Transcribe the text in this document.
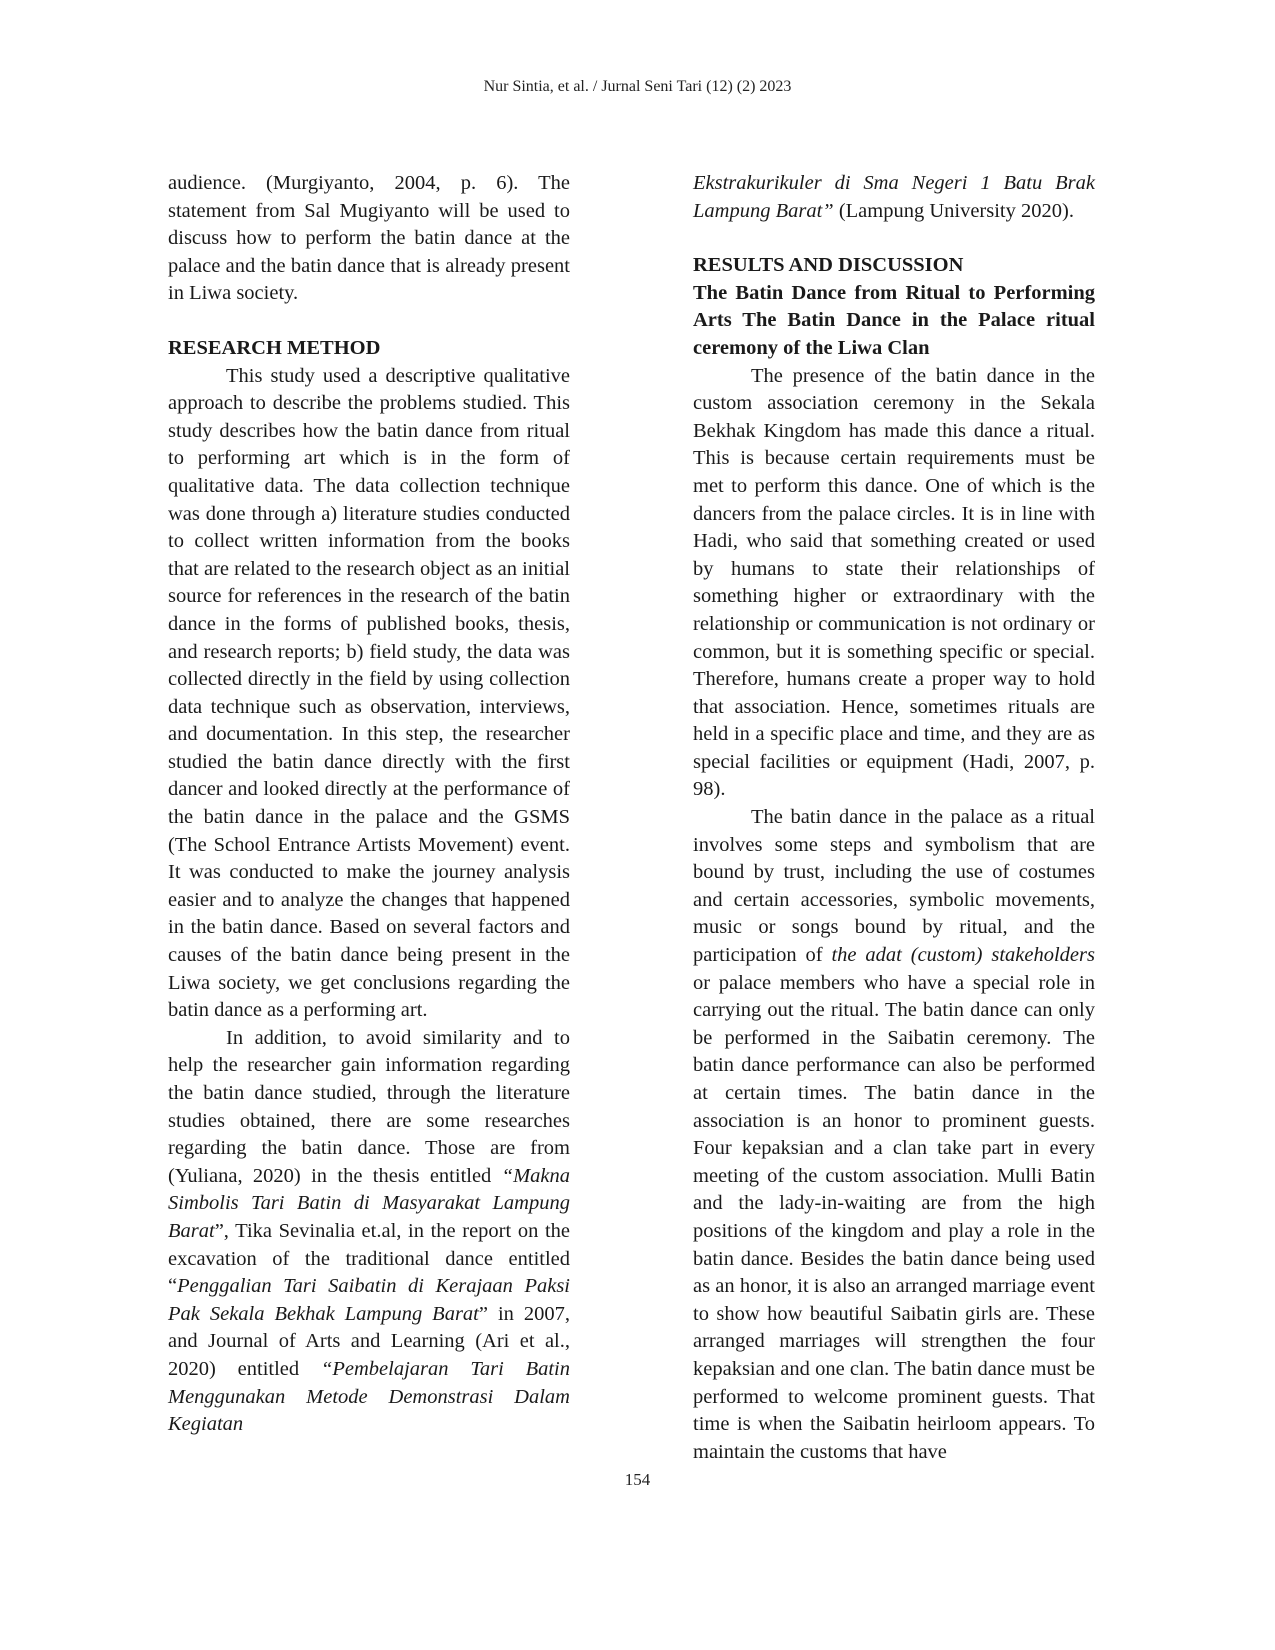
Nur Sintia, et al. / Jurnal Seni Tari (12) (2) 2023

audience. (Murgiyanto, 2004, p. 6). The statement from Sal Mugiyanto will be used to discuss how to perform the batin dance at the palace and the batin dance that is already present in Liwa society.

RESEARCH METHOD

This study used a descriptive qualitative approach to describe the problems studied. This study describes how the batin dance from ritual to performing art which is in the form of qualitative data. The data collection technique was done through a) literature studies conducted to collect written information from the books that are related to the research object as an initial source for references in the research of the batin dance in the forms of published books, thesis, and research reports; b) field study, the data was collected directly in the field by using collection data technique such as observation, interviews, and documentation. In this step, the researcher studied the batin dance directly with the first dancer and looked directly at the performance of the batin dance in the palace and the GSMS (The School Entrance Artists Movement) event. It was conducted to make the journey analysis easier and to analyze the changes that happened in the batin dance. Based on several factors and causes of the batin dance being present in the Liwa society, we get conclusions regarding the batin dance as a performing art.

In addition, to avoid similarity and to help the researcher gain information regarding the batin dance studied, through the literature studies obtained, there are some researches regarding the batin dance. Those are from (Yuliana, 2020) in the thesis entitled “Makna Simbolis Tari Batin di Masyarakat Lampung Barat”, Tika Sevinalia et.al, in the report on the excavation of the traditional dance entitled “Penggalian Tari Saibatin di Kerajaan Paksi Pak Sekala Bekhak Lampung Barat” in 2007, and Journal of Arts and Learning (Ari et al., 2020) entitled “Pembelajaran Tari Batin Menggunakan Metode Demonstrasi Dalam Kegiatan

Ekstrakurikuler di Sma Negeri 1 Batu Brak Lampung Barat” (Lampung University 2020).

RESULTS AND DISCUSSION

The Batin Dance from Ritual to Performing Arts The Batin Dance in the Palace ritual ceremony of the Liwa Clan

The presence of the batin dance in the custom association ceremony in the Sekala Bekhak Kingdom has made this dance a ritual. This is because certain requirements must be met to perform this dance. One of which is the dancers from the palace circles. It is in line with Hadi, who said that something created or used by humans to state their relationships of something higher or extraordinary with the relationship or communication is not ordinary or common, but it is something specific or special. Therefore, humans create a proper way to hold that association. Hence, sometimes rituals are held in a specific place and time, and they are as special facilities or equipment (Hadi, 2007, p. 98).

The batin dance in the palace as a ritual involves some steps and symbolism that are bound by trust, including the use of costumes and certain accessories, symbolic movements, music or songs bound by ritual, and the participation of the adat (custom) stakeholders or palace members who have a special role in carrying out the ritual. The batin dance can only be performed in the Saibatin ceremony. The batin dance performance can also be performed at certain times. The batin dance in the association is an honor to prominent guests. Four kepaksian and a clan take part in every meeting of the custom association. Mulli Batin and the lady-in-waiting are from the high positions of the kingdom and play a role in the batin dance. Besides the batin dance being used as an honor, it is also an arranged marriage event to show how beautiful Saibatin girls are. These arranged marriages will strengthen the four kepaksian and one clan. The batin dance must be performed to welcome prominent guests. That time is when the Saibatin heirloom appears. To maintain the customs that have

154
